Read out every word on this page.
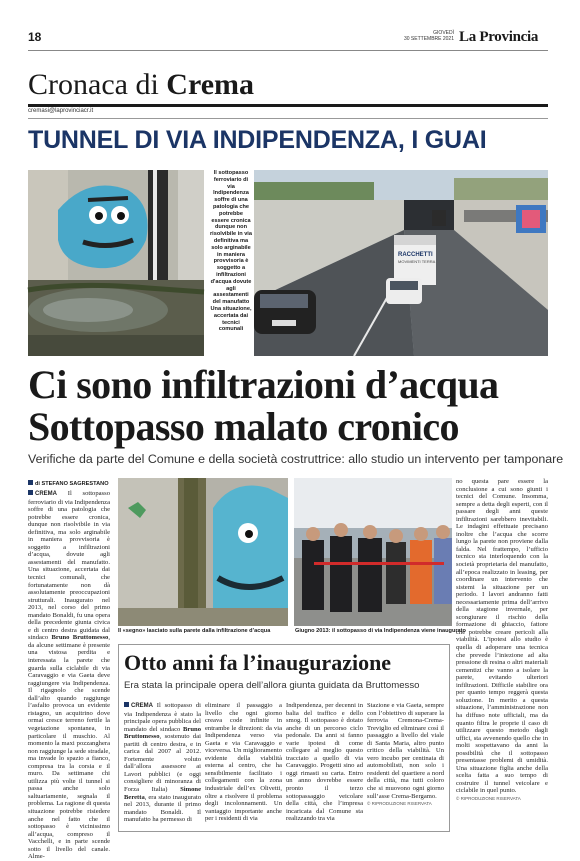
18	GIOVEDÌ
30 SETTEMBRE 2021 La Provincia
Cronaca di Crema
cremasi@laprovinciacr.it
TUNNEL DI VIA INDIPENDENZA, I GUAI
Il sottopasso ferroviario di via Indipendenza soffre di una patologia che potrebbe essere cronica dunque non risolvibile in via definitiva ma solo arginabile in maniera provvisoria è soggetto a infiltrazioni d'acqua dovute agli assestamenti del manufatto Una situazione, accertata dai tecnici comunali
RACCHETTI
MOVIMENTI TERRA
Ci sono infiltrazioni d’acqua
Sottopasso malato cronico
Verifiche da parte del Comune e della società costruttrice: allo studio un intervento per tamponare
di STEFANO SAGRESTANO
CREMA Il sottopasso ferroviario di via Indipendenza soffre di una patologia che potrebbe essere cronica, dunque non risolvibile in via definitiva, ma solo arginabile in maniera provvisoria è soggetto a infiltrazioni d’acqua, dovute agli assestamenti del manufatto. Una situazione, accertata dai tecnici comunali, che fortunatamente non dà assolutamente preoccupazioni strutturali. Inaugurato nel 2013, nel corso del primo mandato Bonaldi, fu una opera della precedente giunta civica e di centro destra guidata dal sindaco Bruno Bruttomesso, da alcune settimane è presente una vistosa perdita e interessata la parete che guarda sulla ciclabile di via Caravaggio e via Gaeta deve raggiungere via Indipendenza. Il rigagnolo che scende dall’alto quando raggiunge l’asfalto provoca un evidente ristagno, un acquitrino dove ormai cresce terreno fertile la vegetazione spontanea, in particolare il muschio. Al momento la maxi pozzanghera non raggiunge la sede stradale, ma invade lo spazio a fianco, compresa tra la corsia e il muro. Da settimane chi utilizza più volte il tunnel si passa anche solo saltuariamente, segnala il problema. La ragione di questa situazione potrebbe risiedere anche nel fatto che il sottopasso è vicinissimo all’acqua, compreso il Vacchelli, e in parte scende sotto il livello del canale. Alme-
Il «segno» lasciato sulla parete dalla infiltrazione d’acqua	Giugno 2013: il sottopasso di via Indipendenza viene inaugurato
no questa pare essere la conclusione a cui sono giunti i tecnici del Comune. Insomma, sempre a detta degli esperti, con il passare degli anni queste infiltrazioni sarebbero inevitabili. Le indagini effettuate precisano inoltre che l’acqua che scorre lungo la parete non proviene dalla falda. Nel frattempo, l’ufficio tecnico sta interloquendo con la società proprietaria del manufatto, all’epoca realizzato in leasing, per coordinare un intervento che sistemi la situazione per un periodo. I lavori andranno fatti necessariamente prima dell’arrivo della stagione invernale, per scongiurare il rischio della formazione di ghiaccio, fattore che potrebbe creare pericoli alla viabilità. L’ipotesi allo studio è quella di adoperare una tecnica che prevede l’iniezione ad alta pressione di resina o altri materiali cementizi che vanno a isolare la parete, evitando ulteriori infiltrazioni. Difficile stabilire ora per quanto tempo reggerà questa soluzione. In merito a questa situazione, l’amministrazione non ha diffuso note ufficiali, ma da quanto filtra le proprie il caso di utilizzare questo metodo dagli uffici, sta avvenendo quello che in molti sospettavano da anni la possibilità che il sottopasso presentasse problemi di umidità. Una situazione figlia anche della scelta fatta a suo tempo di costruire il tunnel veicolare e ciclabile in quel punto.
© RIPRODUZIONE RISERVATA
Otto anni fa l’inaugurazione
Era stata la principale opera dell’allora giunta guidata da Bruttomesso
CREMA Il sottopasso di via Indipendenza è stato la principale opera pubblica del mandato del sindaco Bruno Bruttomesso, sostenuto dai partiti di centro destra, e in carica dal 2007 al 2012. Fortemente voluto dall’allora assessore ai Lavori pubblici (e oggi consigliere di minoranza di Forza Italia) Simone Beretta, era stato inaugurato nel 2013, durante il primo mandato Bonaldi. Il manufatto ha permesso di
eliminare il passaggio a livello che ogni giorno creava code infinite in entrambe le direzioni: da via Indipendenza verso via Gaeta e via Caravaggio e viceversa. Un miglioramento evidente della viabilità esterna al centro, che ha sensibilmente facilitato i collegamenti con la zona industriale dell’ex Olivetti, oltre a risolvere il problema degli incolonnamenti. Un vantaggio importante anche per i residenti di via
Indipendenza, per decenni in balia del traffico e dello smog. Il sottopasso è dotato anche di un percorso ciclo pedonale. Da anni si fanno varie ipotesi di come collegare al meglio questo tracciato a quello di via Caravaggio. Progetti sino ad oggi rimasti su carta. Entro un anno dovrebbe essere pronto il terzo sottopassaggio veicolare della città, che l’impresa incaricata dal Comune sta realizzando tra via
Stazione e via Gaeta, sempre con l’obiettivo di superare la ferrovia Cremona-Crema-Treviglio ed eliminare così il passaggio a livello del viale di Santa Maria, altro punto critico della viabilità. Un vero incubo per centinaia di automobilisti, non solo i residenti del quartiere a nord della città, ma tutti coloro che si muovono ogni giorno sull’asse Crema-Bergamo.
© RIPRODUZIONE RISERVATA
